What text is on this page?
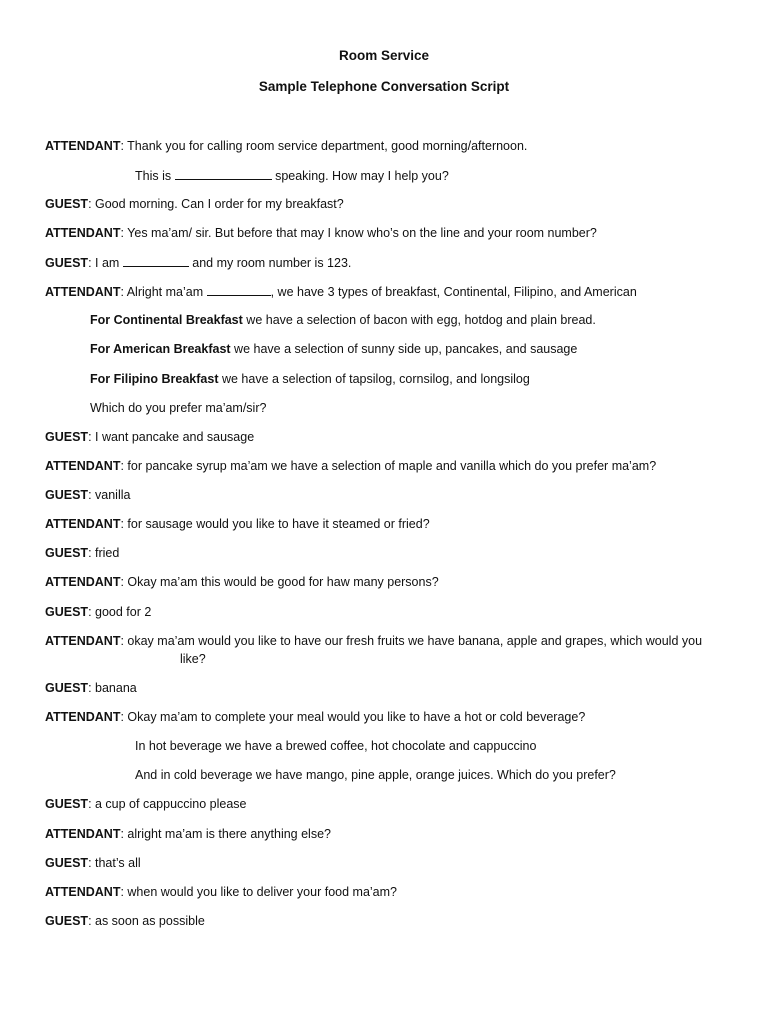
Room Service
Sample Telephone Conversation Script
ATTENDANT: Thank you for calling room service department, good morning/afternoon.
This is	speaking. How may I help you?
GUEST: Good morning. Can I order for my breakfast?
ATTENDANT: Yes ma’am/ sir. But before that may I know who’s on the line and your room number?
GUEST: I am	and my room number is 123.
ATTENDANT: Alright ma’am	, we have 3 types of breakfast, Continental, Filipino, and American
For Continental Breakfast we have a selection of bacon with egg, hotdog and plain bread.
For American Breakfast we have a selection of sunny side up, pancakes, and sausage
For Filipino Breakfast we have a selection of tapsilog, cornsilog, and longsilog
Which do you prefer ma’am/sir?
GUEST: I want pancake and sausage
ATTENDANT: for pancake syrup ma’am we have a selection of maple and vanilla which do you prefer ma’am?
GUEST: vanilla
ATTENDANT: for sausage would you like to have it steamed or fried?
GUEST: fried
ATTENDANT: Okay ma’am this would be good for haw many persons?
GUEST: good for 2
ATTENDANT: okay ma’am would you like to have our fresh fruits we have banana, apple and grapes, which would you
like?
GUEST: banana
ATTENDANT: Okay ma’am to complete your meal would you like to have a hot or cold beverage?
In hot beverage we have a brewed coffee, hot chocolate and cappuccino
And in cold beverage we have mango, pine apple, orange juices. Which do you prefer?
GUEST: a cup of cappuccino please
ATTENDANT: alright ma’am is there anything else?
GUEST: that’s all
ATTENDANT: when would you like to deliver your food ma’am?
GUEST: as soon as possible
